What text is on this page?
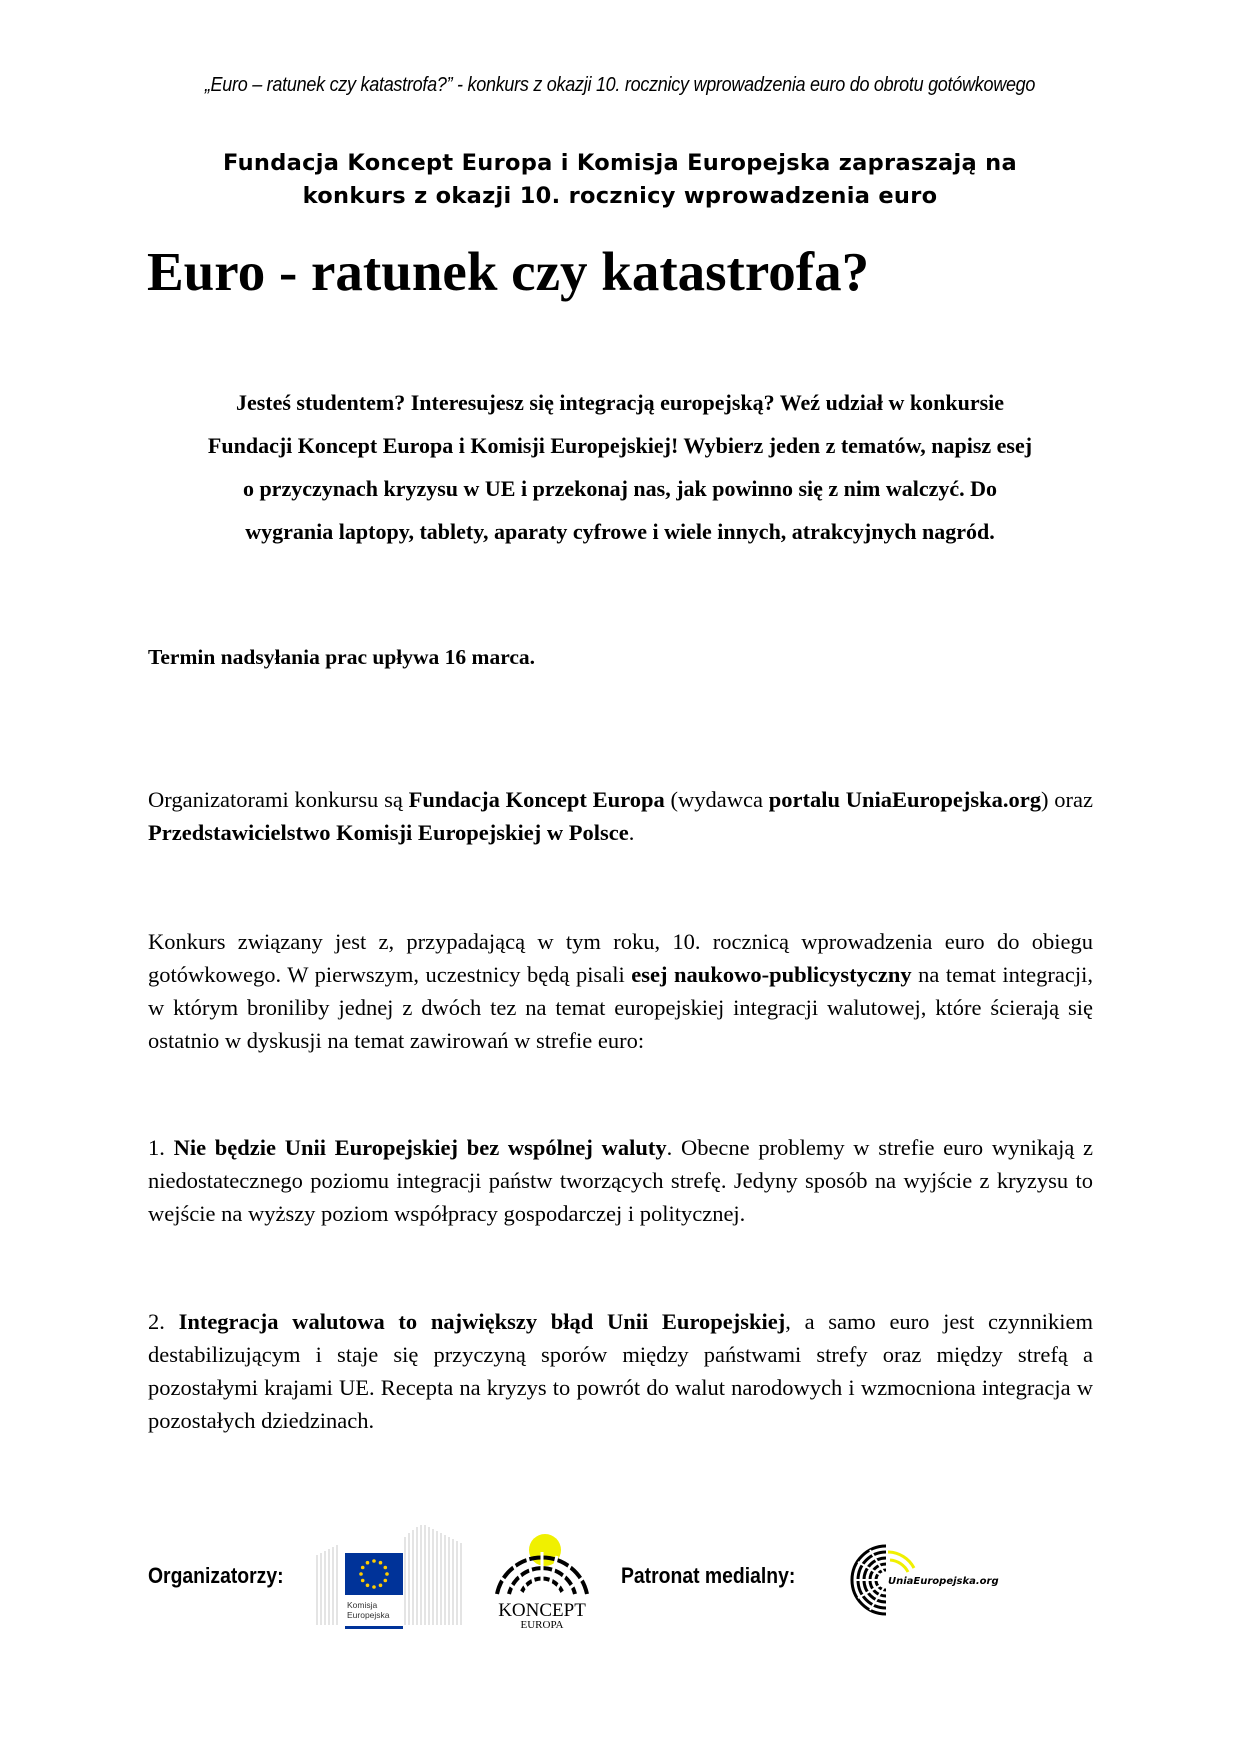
„Euro – ratunek czy katastrofa?” - konkurs z okazji 10. rocznicy wprowadzenia euro do obrotu gotówkowego
Fundacja Koncept Europa i Komisja Europejska zapraszają na
konkurs z okazji 10. rocznicy wprowadzenia euro
Euro - ratunek czy katastrofa?
Jesteś studentem? Interesujesz się integracją europejską? Weź udział w konkursie
Fundacji Koncept Europa i Komisji Europejskiej! Wybierz jeden z tematów, napisz esej
o przyczynach kryzysu w UE i przekonaj nas, jak powinno się z nim walczyć. Do
wygrania laptopy, tablety, aparaty cyfrowe i wiele innych, atrakcyjnych nagród.
Termin nadsyłania prac upływa 16 marca.

Organizatorami konkursu są Fundacja Koncept Europa (wydawca portalu UniaEuropejska.org) oraz Przedstawicielstwo Komisji Europejskiej w Polsce.

Konkurs związany jest z, przypadającą w tym roku, 10. rocznicą wprowadzenia euro do obiegu gotówkowego. W pierwszym, uczestnicy będą pisali esej naukowo-publicystyczny na temat integracji, w którym broniliby jednej z dwóch tez na temat europejskiej integracji walutowej, które ścierają się ostatnio w dyskusji na temat zawirowań w strefie euro:

1. Nie będzie Unii Europejskiej bez wspólnej waluty. Obecne problemy w strefie euro wynikają z niedostatecznego poziomu integracji państw tworzących strefę. Jedyny sposób na wyjście z kryzysu to wejście na wyższy poziom współpracy gospodarczej i politycznej.

2. Integracja walutowa to największy błąd Unii Europejskiej, a samo euro jest czynnikiem destabilizującym i staje się przyczyną sporów między państwami strefy oraz między strefą a pozostałymi krajami UE. Recepta na kryzys to powrót do walut narodowych i wzmocniona integracja w pozostałych dziedzinach.

Organizatorzy:
Komisja
Europejska	KONCEPT
EUROPA
Patronat medialny:	UniaEuropejska.org
